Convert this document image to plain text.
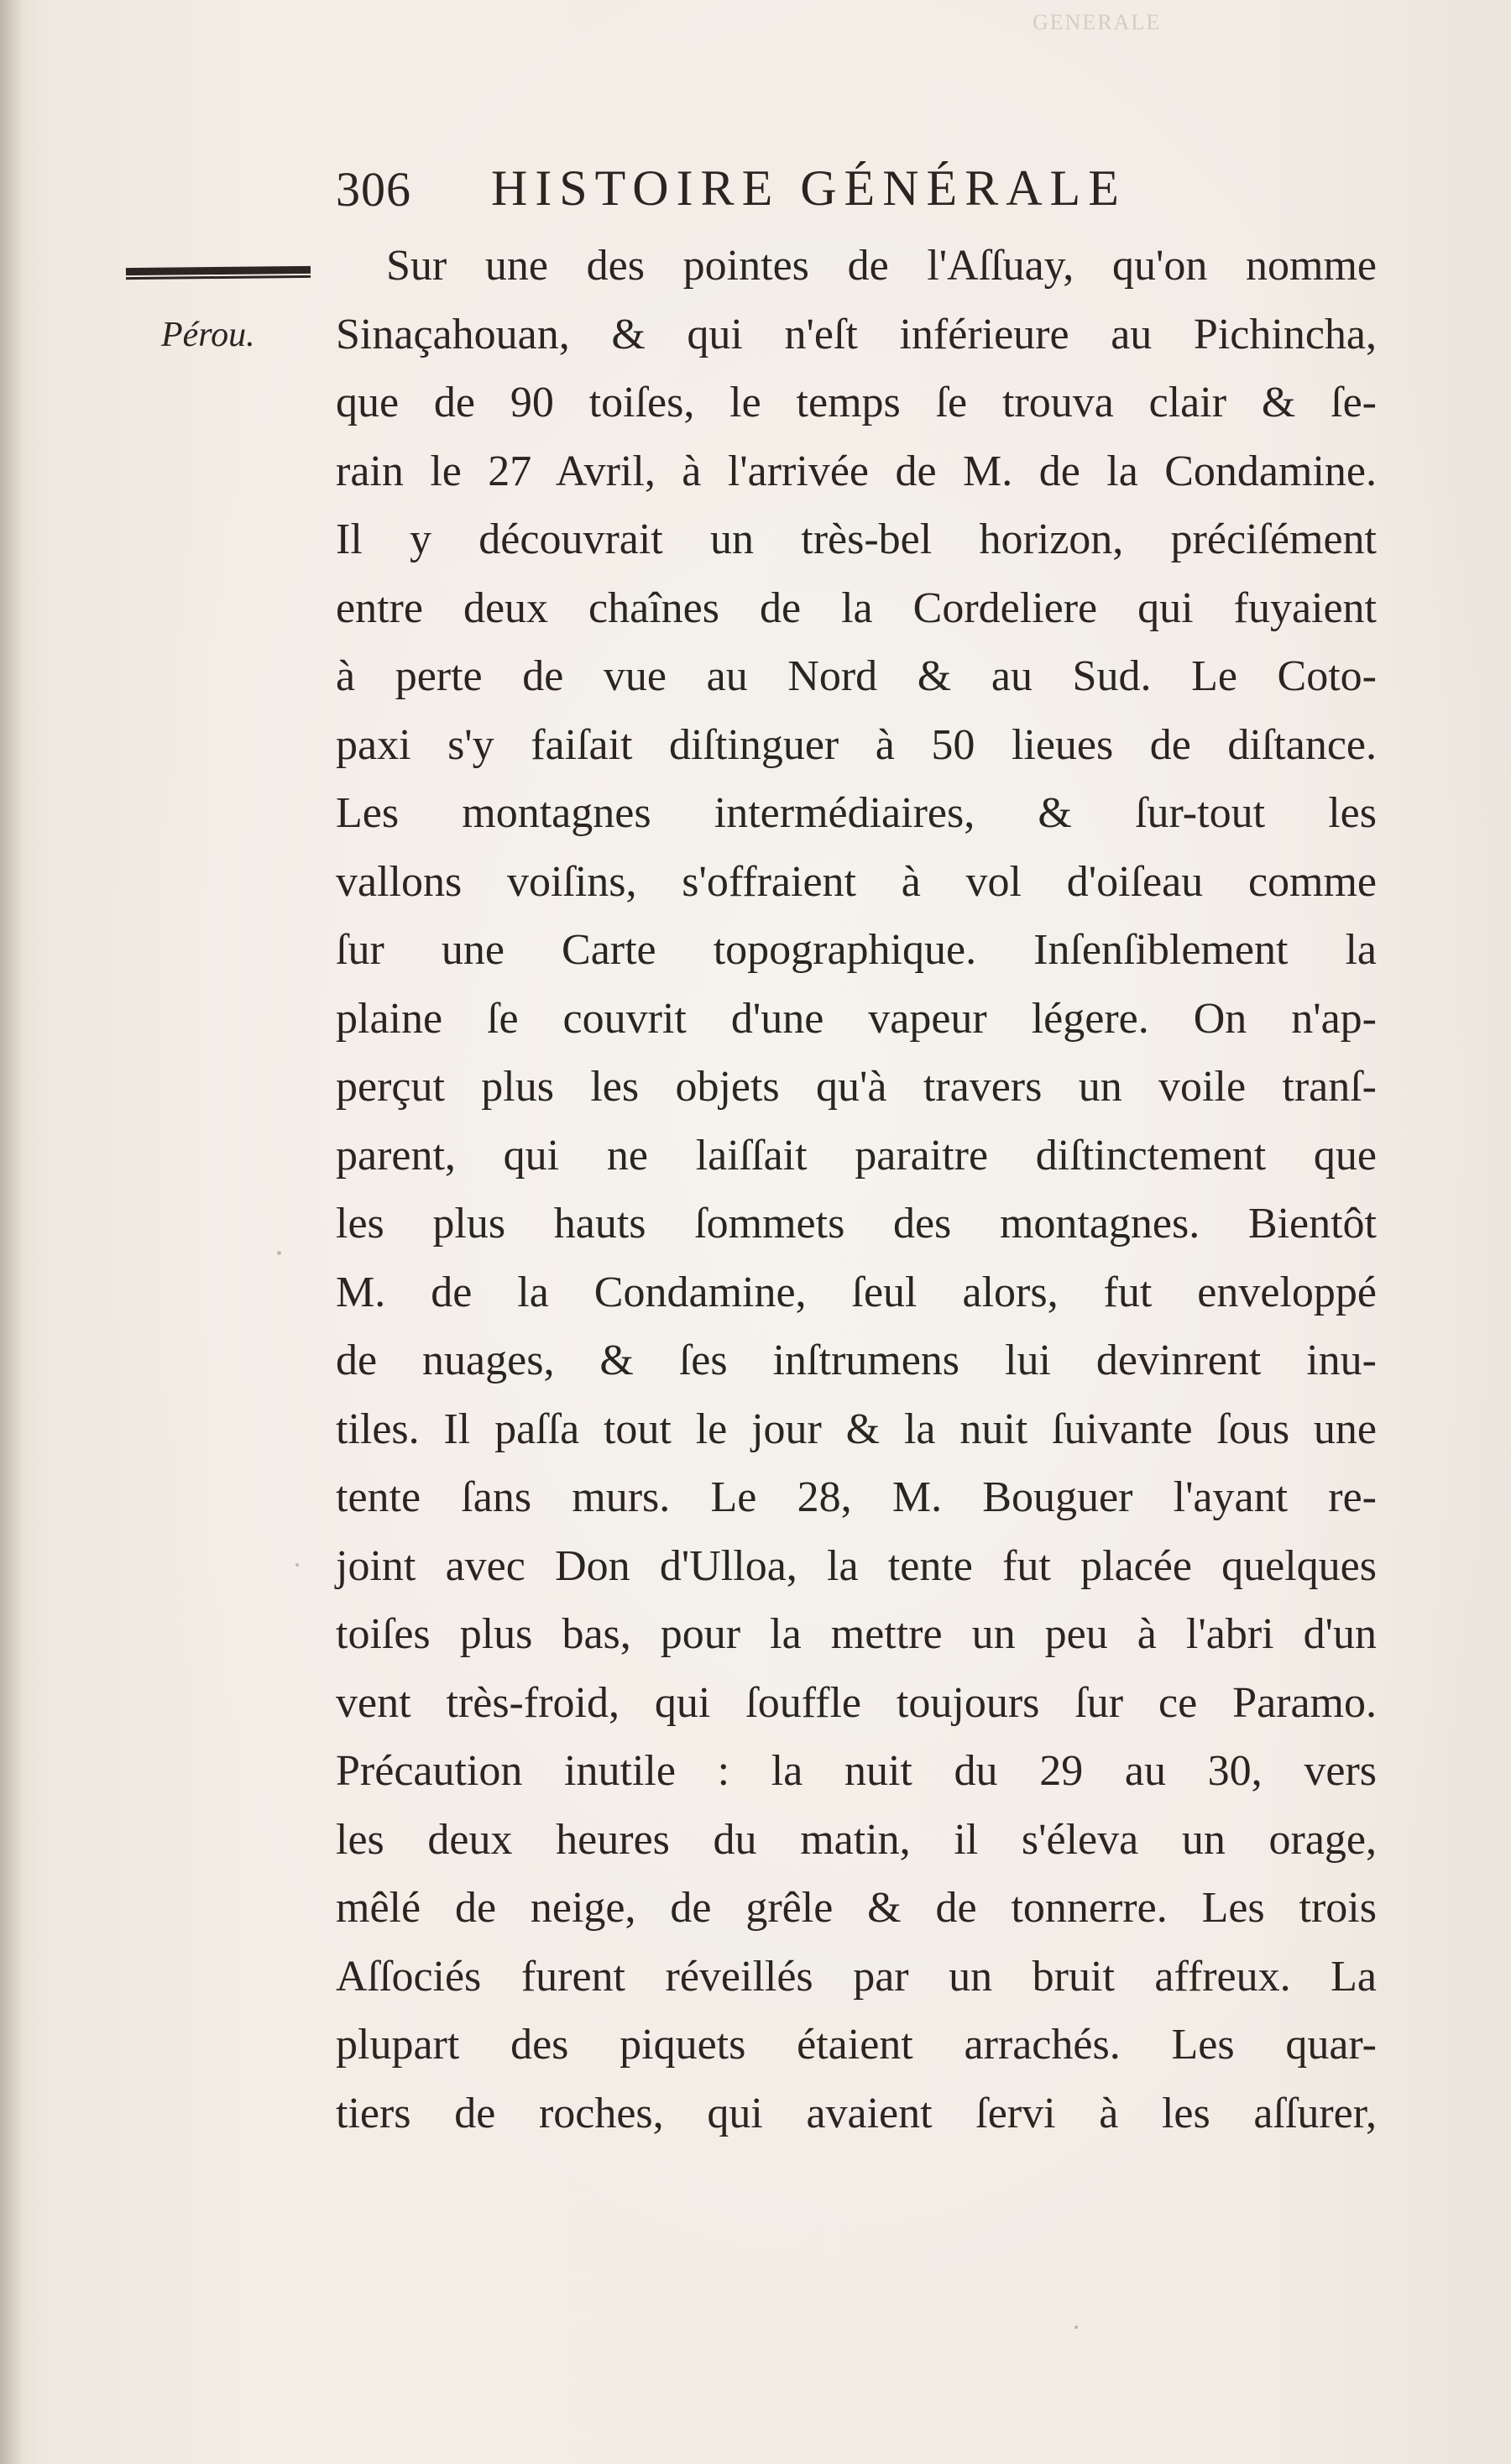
GENERALE
306 HISTOIRE GÉNÉRALE
Pérou.
Sur une des pointes de l'Aſſuay, qu'on nomme
Sinaçahouan, & qui n'eſt inférieure au Pichincha,
que de 90 toiſes, le temps ſe trouva clair & ſe-
rain le 27 Avril, à l'arrivée de M. de la Condamine.
Il y découvrait un très-bel horizon, préciſément
entre deux chaînes de la Cordeliere qui fuyaient
à perte de vue au Nord & au Sud. Le Coto-
paxi s'y faiſait diſtinguer à 50 lieues de diſtance.
Les montagnes intermédiaires, & ſur-tout les
vallons voiſins, s'offraient à vol d'oiſeau comme
ſur une Carte topographique. Inſenſiblement la
plaine ſe couvrit d'une vapeur légere. On n'ap-
perçut plus les objets qu'à travers un voile tranſ-
parent, qui ne laiſſait paraitre diſtinctement que
les plus hauts ſommets des montagnes. Bientôt
M. de la Condamine, ſeul alors, fut enveloppé
de nuages, & ſes inſtrumens lui devinrent inu-
tiles. Il paſſa tout le jour & la nuit ſuivante ſous une
tente ſans murs. Le 28, M. Bouguer l'ayant re-
joint avec Don d'Ulloa, la tente fut placée quelques
toiſes plus bas, pour la mettre un peu à l'abri d'un
vent très-froid, qui ſouffle toujours ſur ce Paramo.
Précaution inutile : la nuit du 29 au 30, vers
les deux heures du matin, il s'éleva un orage,
mêlé de neige, de grêle & de tonnerre. Les trois
Aſſociés furent réveillés par un bruit affreux. La
plupart des piquets étaient arrachés. Les quar-
tiers de roches, qui avaient ſervi à les aſſurer,
